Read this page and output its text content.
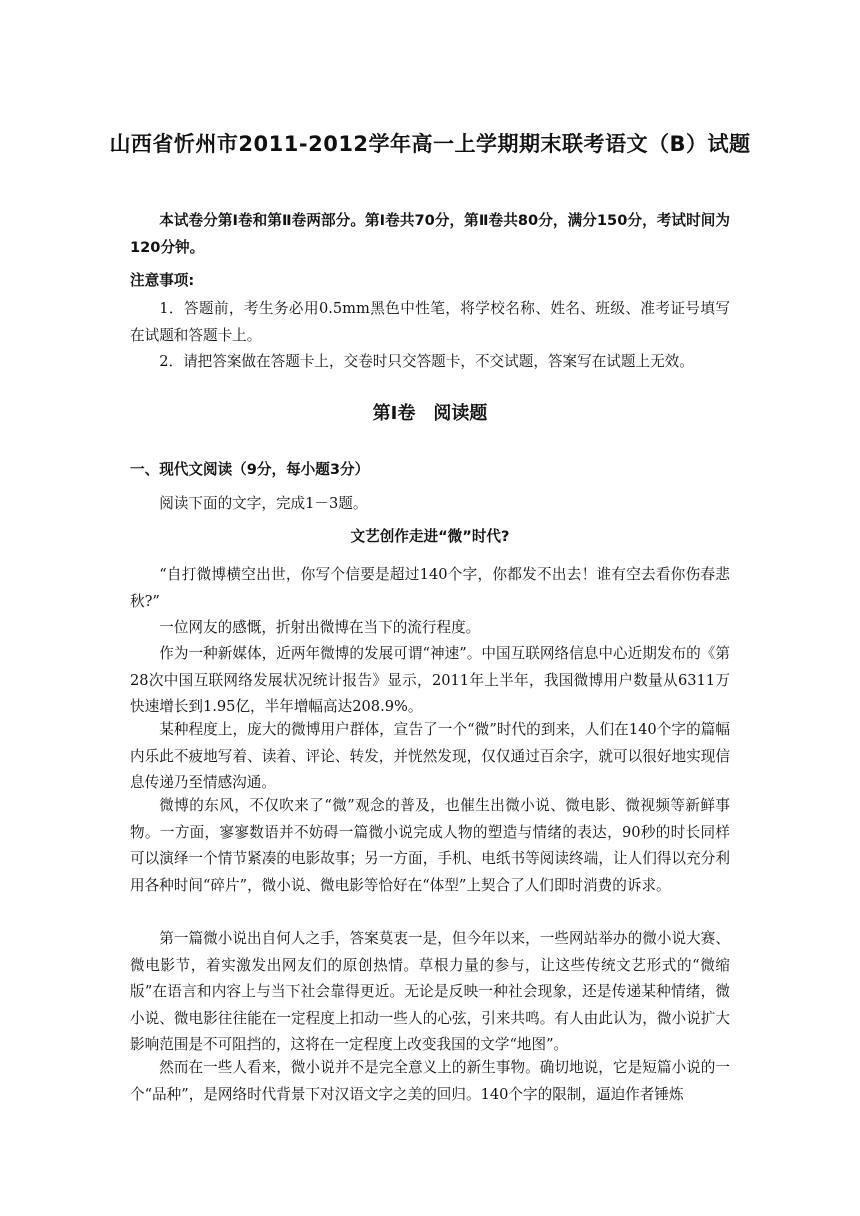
山西省忻州市2011-2012学年高一上学期期末联考语文（B）试题
本试卷分第Ⅰ卷和第Ⅱ卷两部分。第Ⅰ卷共70分，第Ⅱ卷共80分，满分150分，考试时间为120分钟。
注意事项:
1．答题前，考生务必用0.5mm黑色中性笔，将学校名称、姓名、班级、准考证号填写在试题和答题卡上。
2．请把答案做在答题卡上，交卷时只交答题卡，不交试题，答案写在试题上无效。
第Ⅰ卷　阅读题
一、现代文阅读（9分，每小题3分）
阅读下面的文字，完成1－3题。
文艺创作走进“微”时代?
“自打微博横空出世，你写个信要是超过140个字，你都发不出去！谁有空去看你伤春悲秋?”
一位网友的感慨，折射出微博在当下的流行程度。
作为一种新媒体，近两年微博的发展可谓“神速”。中国互联网络信息中心近期发布的《第28次中国互联网络发展状况统计报告》显示，2011年上半年，我国微博用户数量从6311万快速增长到1.95亿，半年增幅高达208.9%。
某种程度上，庞大的微博用户群体，宣告了一个“微”时代的到来，人们在140个字的篇幅内乐此不疲地写着、读着、评论、转发，并恍然发现，仅仅通过百余字，就可以很好地实现信息传递乃至情感沟通。
微博的东风，不仅吹来了“微”观念的普及，也催生出微小说、微电影、微视频等新鲜事物。一方面，寥寥数语并不妨碍一篇微小说完成人物的塑造与情绪的表达，90秒的时长同样可以演绎一个情节紧凑的电影故事；另一方面，手机、电纸书等阅读终端，让人们得以充分利用各种时间“碎片”，微小说、微电影等恰好在“体型”上契合了人们即时消费的诉求。
第一篇微小说出自何人之手，答案莫衷一是，但今年以来，一些网站举办的微小说大赛、微电影节，着实激发出网友们的原创热情。草根力量的参与，让这些传统文艺形式的“微缩版”在语言和内容上与当下社会靠得更近。无论是反映一种社会现象，还是传递某种情绪，微小说、微电影往往能在一定程度上扣动一些人的心弦，引来共鸣。有人由此认为，微小说扩大影响范围是不可阻挡的，这将在一定程度上改变我国的文学“地图”。
然而在一些人看来，微小说并不是完全意义上的新生事物。确切地说，它是短篇小说的一个“品种”，是网络时代背景下对汉语文字之美的回归。140个字的限制，逼迫作者锤炼
